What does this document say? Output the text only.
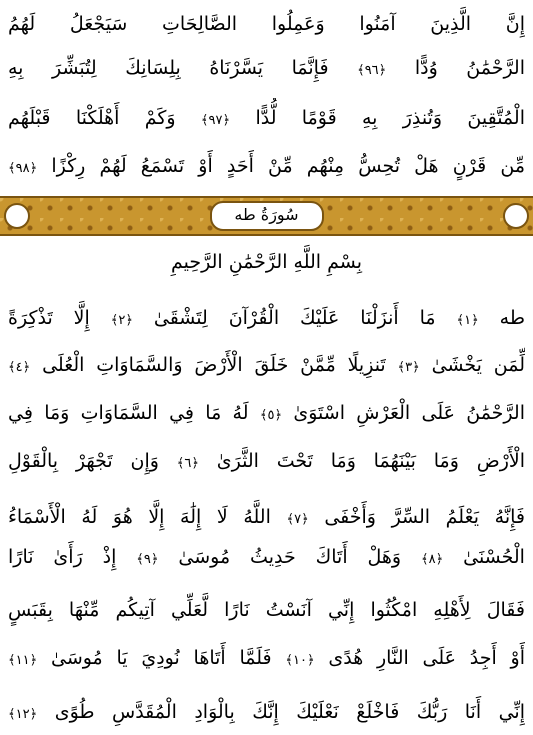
إِنَّ الَّذِينَ آمَنُوا وَعَمِلُوا الصَّالِحَاتِ سَيَجْعَلُ لَهُمُ
الرَّحْمَٰنُ وُدًّا ﴿٩٦﴾ فَإِنَّمَا يَسَّرْنَاهُ بِلِسَانِكَ لِتُبَشِّرَ بِهِ
الْمُتَّقِينَ وَتُنذِرَ بِهِ قَوْمًا لُّدًّا ﴿٩٧﴾ وَكَمْ أَهْلَكْنَا قَبْلَهُم
مِّن قَرْنٍ هَلْ تُحِسُّ مِنْهُم مِّنْ أَحَدٍ أَوْ تَسْمَعُ لَهُمْ رِكْزًا ﴿٩٨﴾
سُورَةُ طه
بِسْمِ اللَّهِ الرَّحْمَٰنِ الرَّحِيمِ
طه ﴿١﴾ مَا أَنزَلْنَا عَلَيْكَ الْقُرْآنَ لِتَشْقَىٰ ﴿٢﴾ إِلَّا تَذْكِرَةً
لِّمَن يَخْشَىٰ ﴿٣﴾ تَنزِيلًا مِّمَّنْ خَلَقَ الْأَرْضَ وَالسَّمَاوَاتِ الْعُلَى ﴿٤﴾
الرَّحْمَٰنُ عَلَى الْعَرْشِ اسْتَوَىٰ ﴿٥﴾ لَهُ مَا فِي السَّمَاوَاتِ وَمَا فِي
الْأَرْضِ وَمَا بَيْنَهُمَا وَمَا تَحْتَ الثَّرَىٰ ﴿٦﴾ وَإِن تَجْهَرْ بِالْقَوْلِ
فَإِنَّهُ يَعْلَمُ السِّرَّ وَأَخْفَى ﴿٧﴾ اللَّهُ لَا إِلَٰهَ إِلَّا هُوَ لَهُ الْأَسْمَاءُ
الْحُسْنَىٰ ﴿٨﴾ وَهَلْ أَتَاكَ حَدِيثُ مُوسَىٰ ﴿٩﴾ إِذْ رَأَىٰ نَارًا
فَقَالَ لِأَهْلِهِ امْكُثُوا إِنِّي آنَسْتُ نَارًا لَّعَلِّي آتِيكُم مِّنْهَا بِقَبَسٍ
أَوْ أَجِدُ عَلَى النَّارِ هُدًى ﴿١٠﴾ فَلَمَّا أَتَاهَا نُودِيَ يَا مُوسَىٰ ﴿١١﴾
إِنِّي أَنَا رَبُّكَ فَاخْلَعْ نَعْلَيْكَ إِنَّكَ بِالْوَادِ الْمُقَدَّسِ طُوًى ﴿١٢﴾
